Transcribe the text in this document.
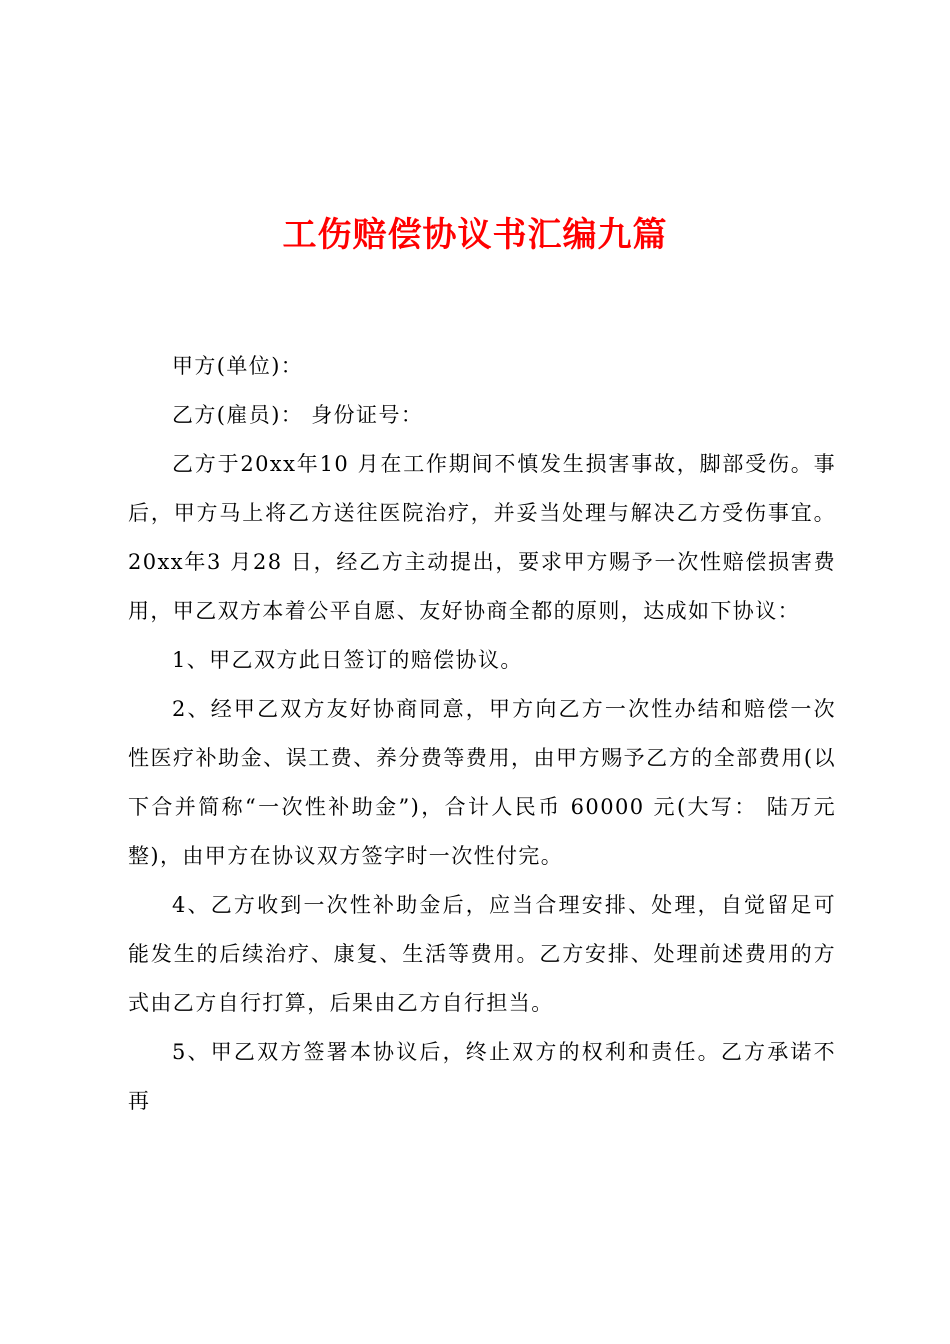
工伤赔偿协议书汇编九篇

甲方(单位)：

乙方(雇员)： 身份证号：

乙方于20xx年10 月在工作期间不慎发生损害事故，脚部受伤。事后，甲方马上将乙方送往医院治疗，并妥当处理与解决乙方受伤事宜。20xx年3 月28 日，经乙方主动提出，要求甲方赐予一次性赔偿损害费用，甲乙双方本着公平自愿、友好协商全都的原则，达成如下协议：

1、甲乙双方此日签订的赔偿协议。

2、经甲乙双方友好协商同意，甲方向乙方一次性办结和赔偿一次性医疗补助金、误工费、养分费等费用，由甲方赐予乙方的全部费用(以下合并简称“一次性补助金”)，合计人民币 60000 元(大写： 陆万元整)，由甲方在协议双方签字时一次性付完。

4、乙方收到一次性补助金后，应当合理安排、处理，自觉留足可能发生的后续治疗、康复、生活等费用。乙方安排、处理前述费用的方式由乙方自行打算，后果由乙方自行担当。

5、甲乙双方签署本协议后，终止双方的权利和责任。乙方承诺不再
